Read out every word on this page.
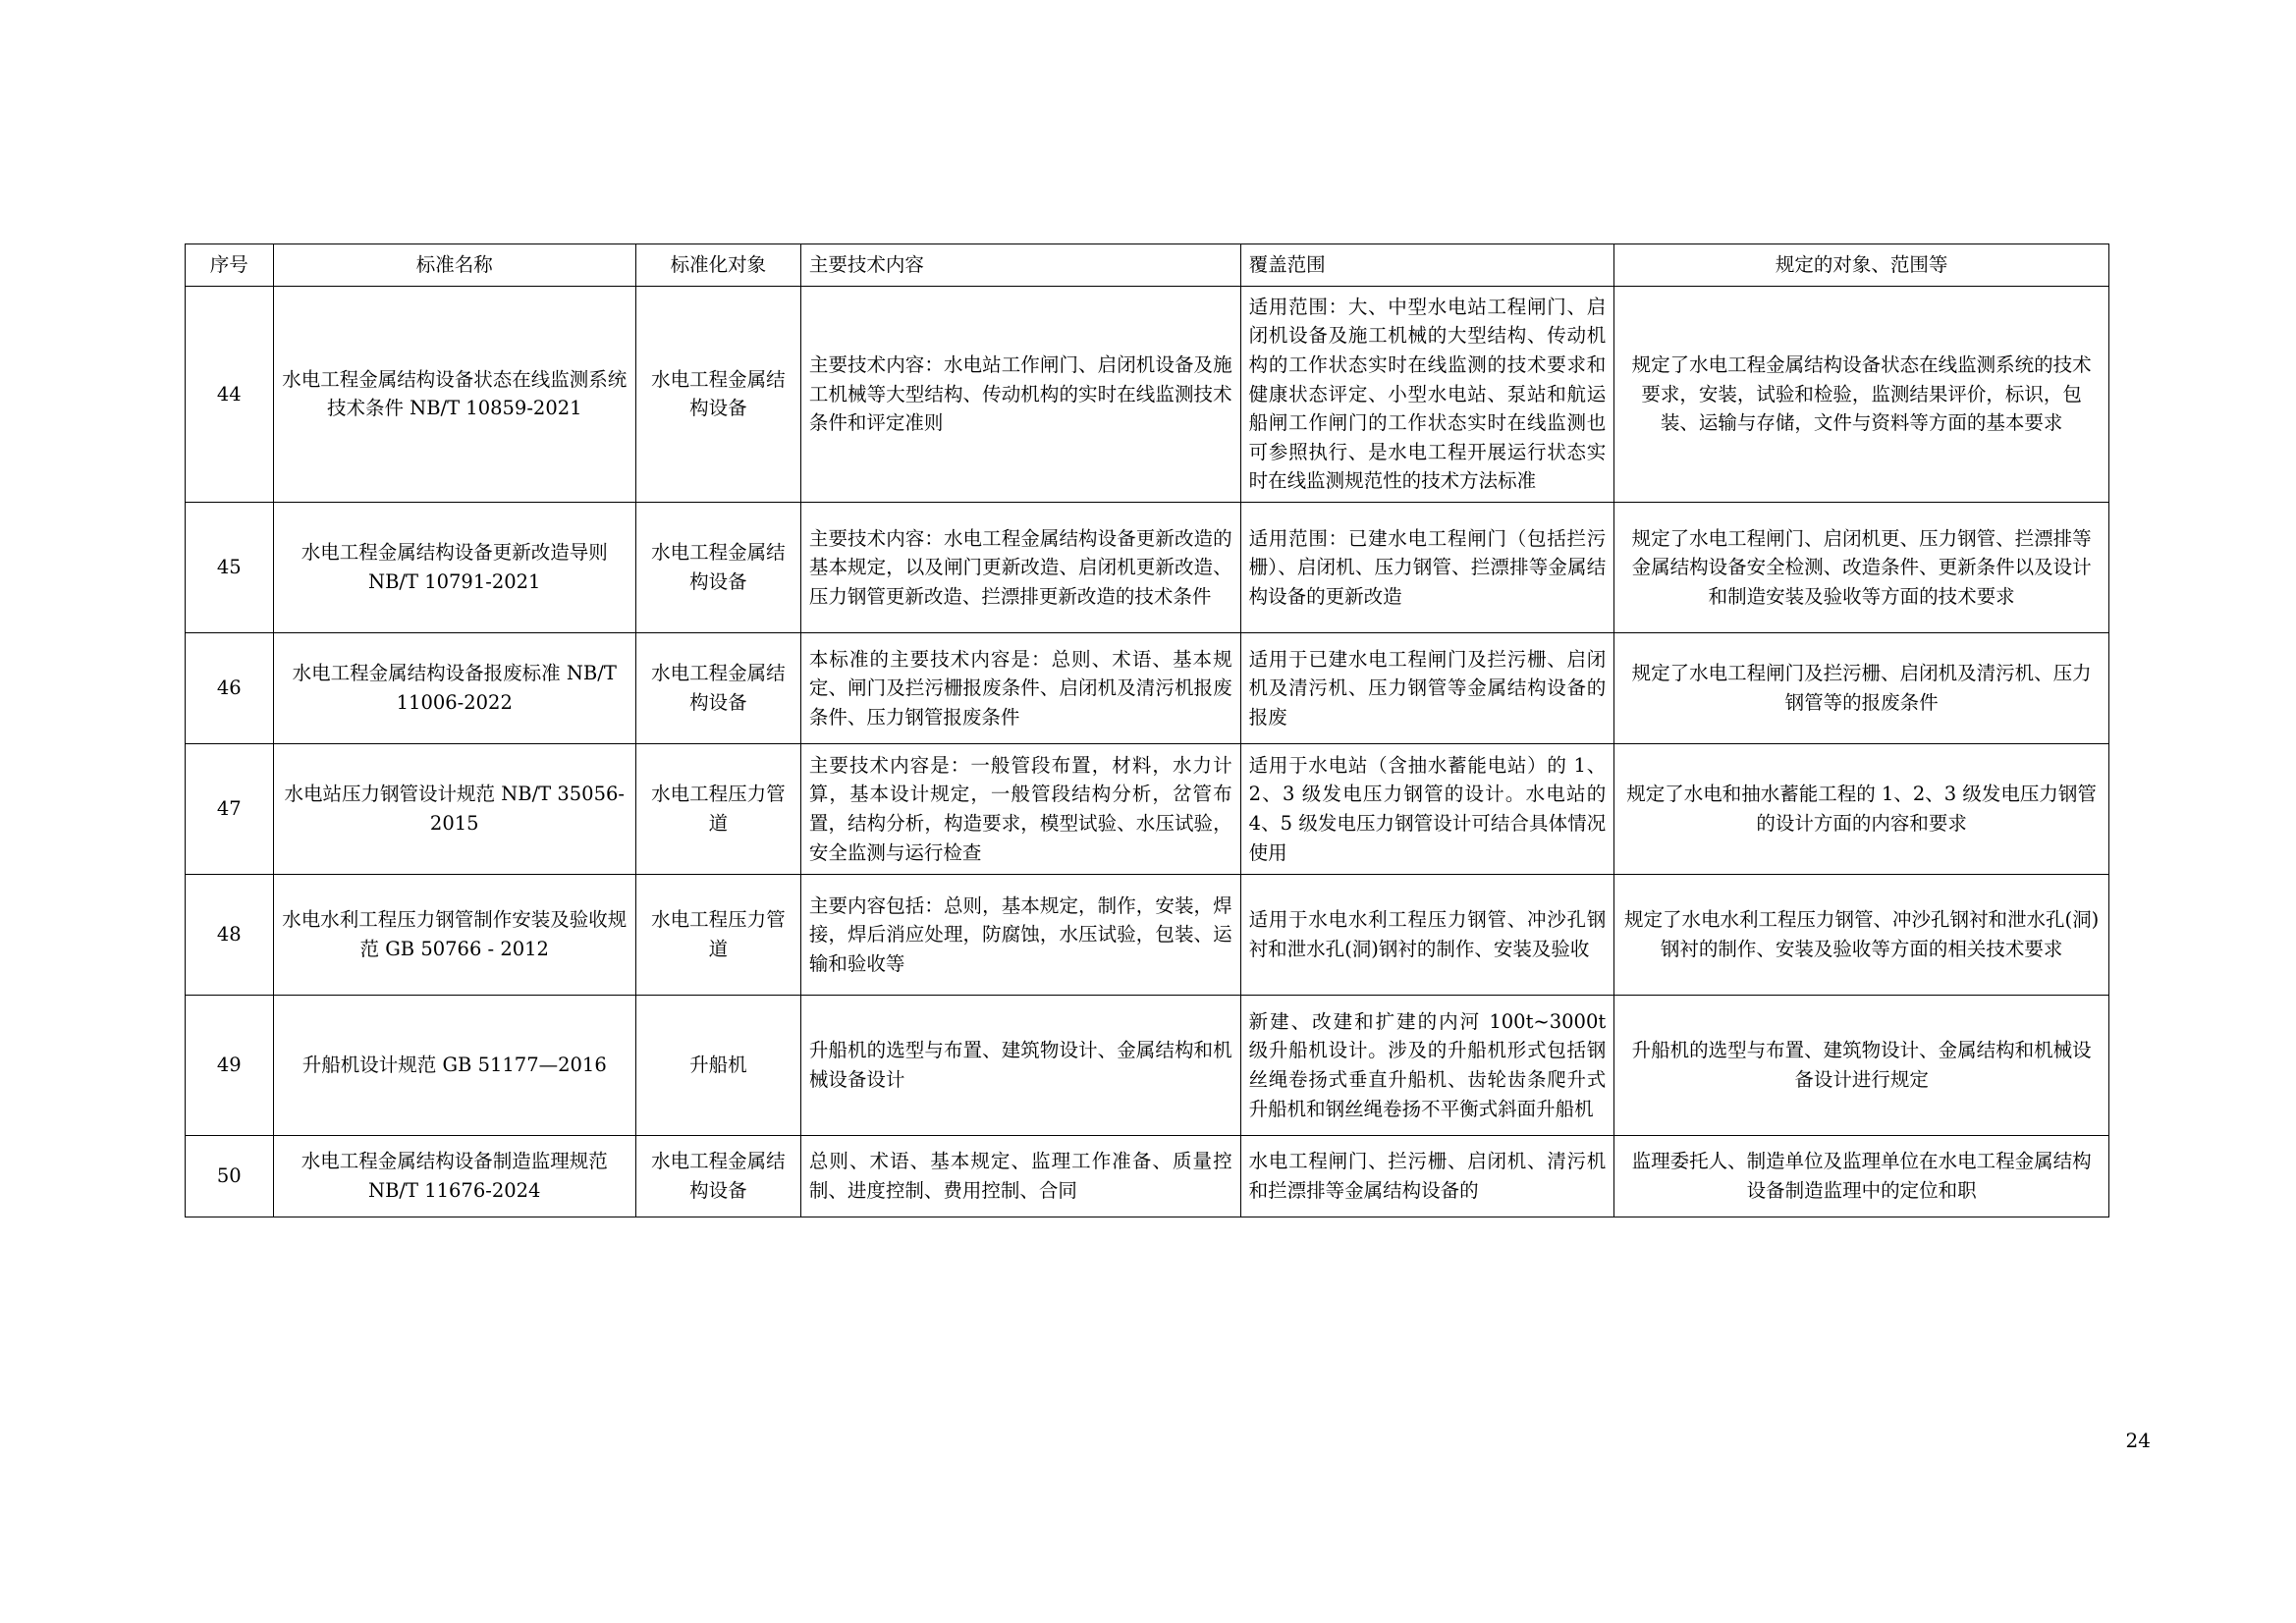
序号	标准名称	标准化对象	主要技术内容	覆盖范围	规定的对象、范围等
44	水电工程金属结构设备状态在线监测系统技术条件 NB/T 10859-2021	水电工程金属结构设备	主要技术内容：水电站工作闸门、启闭机设备及施工机械等大型结构、传动机构的实时在线监测技术条件和评定准则	适用范围：大、中型水电站工程闸门、启闭机设备及施工机械的大型结构、传动机构的工作状态实时在线监测的技术要求和健康状态评定、小型水电站、泵站和航运船闸工作闸门的工作状态实时在线监测也可参照执行、是水电工程开展运行状态实时在线监测规范性的技术方法标准	规定了水电工程金属结构设备状态在线监测系统的技术要求，安装，试验和检验，监测结果评价，标识，包装、运输与存储，文件与资料等方面的基本要求
45	水电工程金属结构设备更新改造导则 NB/T 10791-2021	水电工程金属结构设备	主要技术内容：水电工程金属结构设备更新改造的基本规定，以及闸门更新改造、启闭机更新改造、压力钢管更新改造、拦漂排更新改造的技术条件	适用范围：已建水电工程闸门（包括拦污栅）、启闭机、压力钢管、拦漂排等金属结构设备的更新改造	规定了水电工程闸门、启闭机更、压力钢管、拦漂排等金属结构设备安全检测、改造条件、更新条件以及设计和制造安装及验收等方面的技术要求
46	水电工程金属结构设备报废标准 NB/T 11006-2022	水电工程金属结构设备	本标准的主要技术内容是：总则、术语、基本规定、闸门及拦污栅报废条件、启闭机及清污机报废条件、压力钢管报废条件	适用于已建水电工程闸门及拦污栅、启闭机及清污机、压力钢管等金属结构设备的报废	规定了水电工程闸门及拦污栅、启闭机及清污机、压力钢管等的报废条件
47	水电站压力钢管设计规范 NB/T 35056-2015	水电工程压力管道	主要技术内容是：一般管段布置，材料，水力计算，基本设计规定，一般管段结构分析，岔管布置，结构分析，构造要求，模型试验、水压试验，安全监测与运行检查	适用于水电站（含抽水蓄能电站）的 1、2、3 级发电压力钢管的设计。水电站的 4、5 级发电压力钢管设计可结合具体情况使用	规定了水电和抽水蓄能工程的 1、2、3 级发电压力钢管的设计方面的内容和要求
48	水电水利工程压力钢管制作安装及验收规范 GB 50766 - 2012	水电工程压力管道	主要内容包括：总则，基本规定，制作，安装，焊接，焊后消应处理，防腐蚀，水压试验，包装、运输和验收等	适用于水电水利工程压力钢管、冲沙孔钢衬和泄水孔(洞)钢衬的制作、安装及验收	规定了水电水利工程压力钢管、冲沙孔钢衬和泄水孔(洞)钢衬的制作、安装及验收等方面的相关技术要求
49	升船机设计规范 GB 51177—2016	升船机	升船机的选型与布置、建筑物设计、金属结构和机械设备设计	新建、改建和扩建的内河 100t~3000t 级升船机设计。涉及的升船机形式包括钢丝绳卷扬式垂直升船机、齿轮齿条爬升式升船机和钢丝绳卷扬不平衡式斜面升船机	升船机的选型与布置、建筑物设计、金属结构和机械设备设计进行规定
50	水电工程金属结构设备制造监理规范 NB/T 11676-2024	水电工程金属结构设备	总则、术语、基本规定、监理工作准备、质量控制、进度控制、费用控制、合同	水电工程闸门、拦污栅、启闭机、清污机和拦漂排等金属结构设备的	监理委托人、制造单位及监理单位在水电工程金属结构设备制造监理中的定位和职
24
